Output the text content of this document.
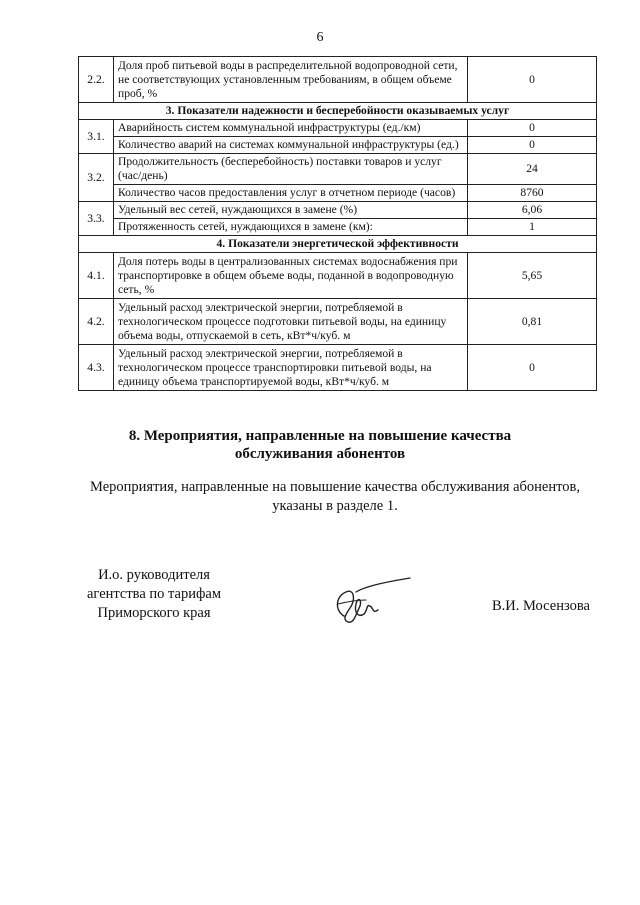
6
2.2.	Доля проб питьевой воды в распределительной водопроводной сети, не соответствующих установленным требованиям, в общем объеме проб, %	0
3. Показатели надежности и бесперебойности оказываемых услуг		
3.1.	Аварийность систем коммунальной инфраструктуры (ед./км)	0
	Количество аварий на системах коммунальной инфраструктуры (ед.)	0
3.2.	Продолжительность (бесперебойность) поставки товаров и услуг (час/день)	24
	Количество часов предоставления услуг в отчетном периоде (часов)	8760
3.3.	Удельный вес сетей, нуждающихся в замене (%)	6,06
	Протяженность сетей, нуждающихся в замене (км):	1
4. Показатели энергетической эффективности		
4.1.	Доля потерь воды в централизованных системах водоснабжения при транспортировке в общем объеме воды, поданной в водопроводную сеть, %	5,65
4.2.	Удельный расход электрической энергии, потребляемой в технологическом процессе подготовки питьевой воды, на единицу объема воды, отпускаемой в сеть, кВт*ч/куб. м	0,81
4.3.	Удельный расход электрической энергии, потребляемой в технологическом процессе транспортировки питьевой воды, на единицу объема транспортируемой воды, кВт*ч/куб. м	0
8. Мероприятия, направленные на повышение качества
обслуживания абонентов
Мероприятия, направленные на повышение качества обслуживания абонентов,
указаны в разделе 1.
И.о. руководителя
агентства по тарифам
Приморского края	В.И. Мосензова
